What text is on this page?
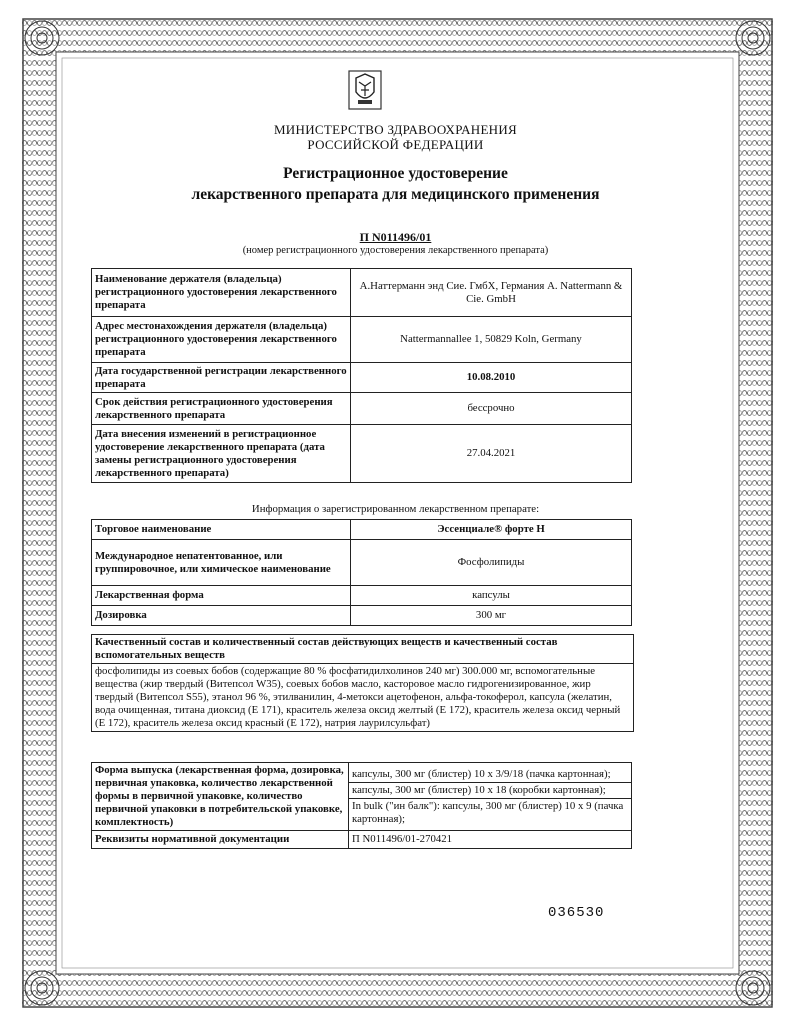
МИНИСТЕРСТВО ЗДРАВООХРАНЕНИЯ
РОССИЙСКОЙ ФЕДЕРАЦИИ
Регистрационное удостоверение
лекарственного препарата для медицинского применения
П N011496/01
(номер регистрационного удостоверения лекарственного препарата)
Наименование держателя (владельца) регистрационного удостоверения лекарственного препарата	А.Наттерманн энд Сие. ГмбХ, Германия A. Nattermann & Cie. GmbH
Адрес местонахождения держателя (владельца) регистрационного удостоверения лекарственного препарата	Nattermannallee 1, 50829 Koln, Germany
Дата государственной регистрации лекарственного препарата	10.08.2010
Срок действия регистрационного удостоверения лекарственного препарата	бессрочно
Дата внесения изменений в регистрационное удостоверение лекарственного препарата (дата замены регистрационного удостоверения лекарственного препарата)	27.04.2021
Информация о зарегистрированном лекарственном препарате:
Торговое наименование	Эссенциале® форте Н
Международное непатентованное, или группировочное, или химическое наименование	Фосфолипиды
Лекарственная форма	капсулы
Дозировка	300 мг
Качественный состав и количественный состав действующих веществ и качественный состав вспомогательных веществ
фосфолипиды из соевых бобов (содержащие 80 % фосфатидилхолинов 240 мг) 300.000 мг, вспомогательные вещества (жир твердый (Витепсол W35), соевых бобов масло, касторовое масло гидрогенизированное, жир твердый (Витепсол S55), этанол 96 %, этилванилин, 4-метокси ацетофенон, альфа-токоферол, капсула (желатин, вода очищенная, титана диоксид (Е 171), краситель железа оксид желтый (Е 172), краситель железа оксид черный (Е 172), краситель железа оксид красный (Е 172), натрия лаурилсульфат)
Форма выпуска (лекарственная форма, дозировка, первичная упаковка, количество лекарственной формы в первичной упаковке, количество первичной упаковки в потребительской упаковке, комплектность)	капсулы, 300 мг (блистер) 10 x 3/9/18 (пачка картонная);
капсулы, 300 мг (блистер) 10 x 18 (коробки картонная);
In bulk ("ин балк"): капсулы, 300 мг (блистер) 10 x 9 (пачка картонная);

Реквизиты нормативной документации	П N011496/01-270421
036530
